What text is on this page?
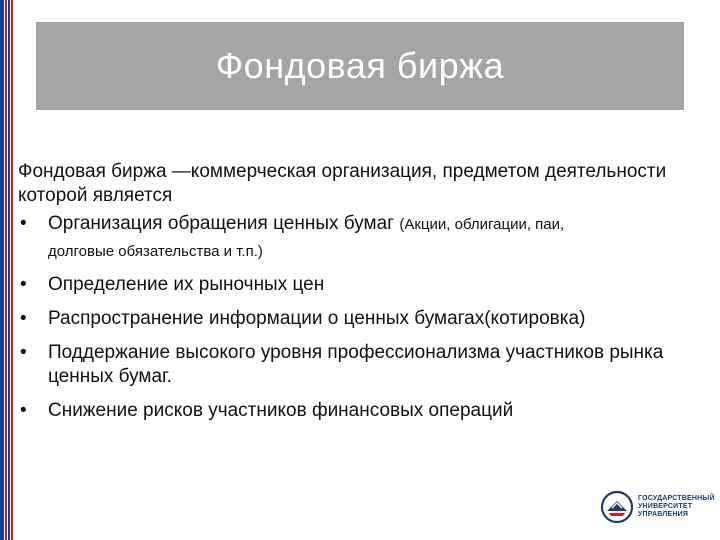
Фондовая биржа

Фондовая биржа —коммерческая организация, предметом деятельности которой является

• Организация обращения ценных бумаг (Акции, облигации, паи,
долговые обязательства и т.п.)
• Определение их рыночных цен
• Распространение информации о ценных бумагах(котировка)
• Поддержание высокого уровня профессионализма участников рынка ценных бумаг.
• Снижение рисков участников финансовых операций
ГОСУДАРСТВЕННЫЙ
УНИВЕРСИТЕТ
УПРАВЛЕНИЯ
